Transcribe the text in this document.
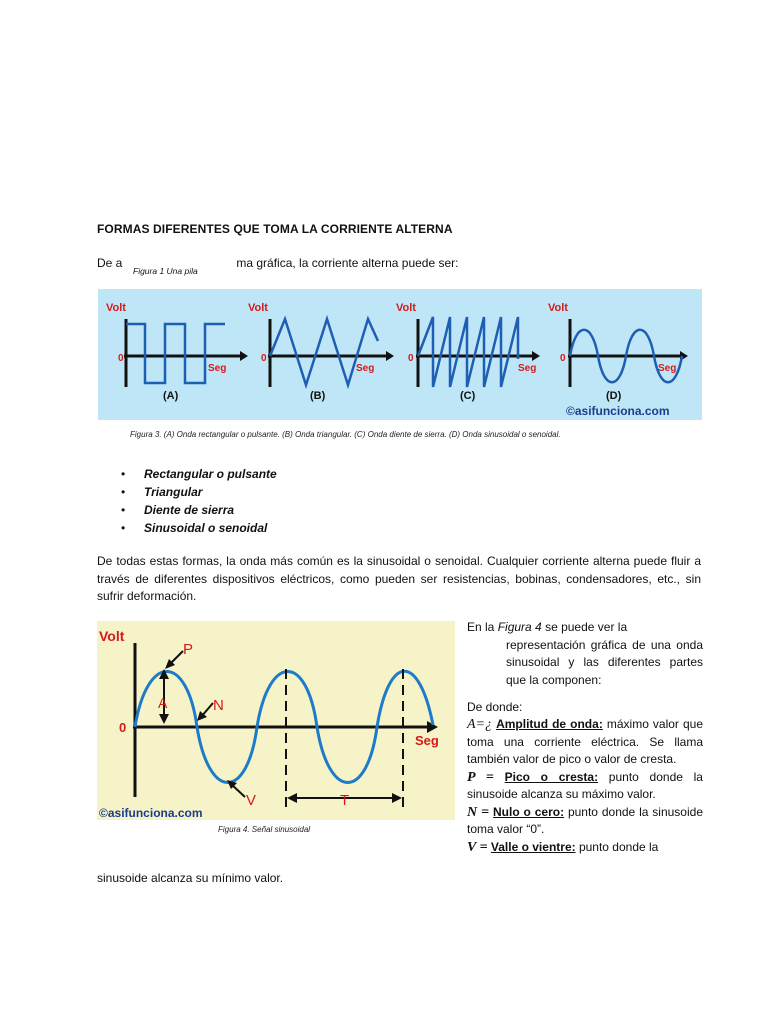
FORMAS DIFERENTES QUE TOMA LA CORRIENTE ALTERNA
De a	ma gráfica, la corriente alterna puede ser:
Figura 1 Una pila
Volt
0
Seg
(A)
Volt
0
Seg
(B)
Volt
0
Seg
(C)
Volt
0
Seg
(D)
©asifunciona.com
Figura 3. (A) Onda rectangular o pulsante. (B) Onda triangular. (C) Onda diente de sierra. (D) Onda sinusoidal o senoidal.
• Rectangular o pulsante
• Triangular
• Diente de sierra
• Sinusoidal o senoidal
De todas estas formas, la onda más común es la sinusoidal o senoidal. Cualquier corriente alterna puede fluir a través de diferentes dispositivos eléctricos, como pueden ser resistencias, bobinas, condensadores, etc., sin sufrir deformación.
Volt
0
Seg
A
P
N
V	T
©asifunciona.com
Figura 4. Señal sinusoidal
En la Figura 4 se puede ver la
representación gráfica de una onda sinusoidal y las diferentes partes que la componen:
De donde:

A=¿ Amplitud de onda: máximo valor que toma una corriente eléctrica. Se llama también valor de pico o valor de cresta.

P = Pico o cresta: punto donde la sinusoide alcanza su máximo valor.

N = Nulo o cero: punto donde la sinusoide toma valor “0”.

V = Valle o vientre: punto donde la

sinusoide alcanza su mínimo valor.
